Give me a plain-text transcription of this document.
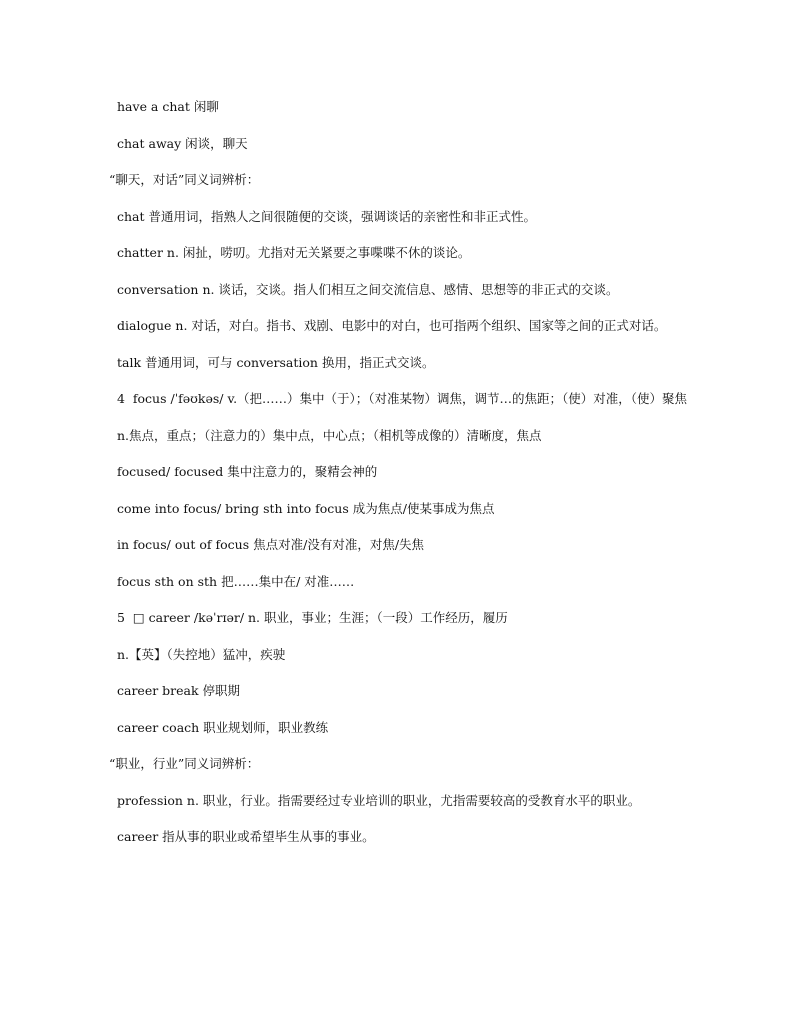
have a chat 闲聊

chat away 闲谈，聊天

“聊天，对话”同义词辨析：

chat 普通用词，指熟人之间很随便的交谈，强调谈话的亲密性和非正式性。

chatter n. 闲扯，唠叨。尤指对无关紧要之事喋喋不休的谈论。

conversation n. 谈话，交谈。指人们相互之间交流信息、感情、思想等的非正式的交谈。

dialogue n. 对话，对白。指书、戏剧、电影中的对白，也可指两个组织、国家等之间的正式对话。

talk 普通用词，可与 conversation 换用，指正式交谈。

4  focus /ˈfəʊkəs/ v.（把……）集中（于）；（对准某物）调焦，调节…的焦距；（使）对准，（使）聚焦

n.焦点，重点；（注意力的）集中点，中心点；（相机等成像的）清晰度，焦点

focused/ focused 集中注意力的，聚精会神的

come into focus/ bring sth into focus 成为焦点/使某事成为焦点

in focus/ out of focus 焦点对准/没有对准，对焦/失焦

focus sth on sth 把……集中在/ 对准……

5  □ career /kəˈrɪər/ n. 职业，事业；生涯；（一段）工作经历，履历

n.【英】（失控地）猛冲，疾驶

career break 停职期

career coach 职业规划师，职业教练

“职业，行业”同义词辨析：

profession n. 职业，行业。指需要经过专业培训的职业，尤指需要较高的受教育水平的职业。

career 指从事的职业或希望毕生从事的事业。
